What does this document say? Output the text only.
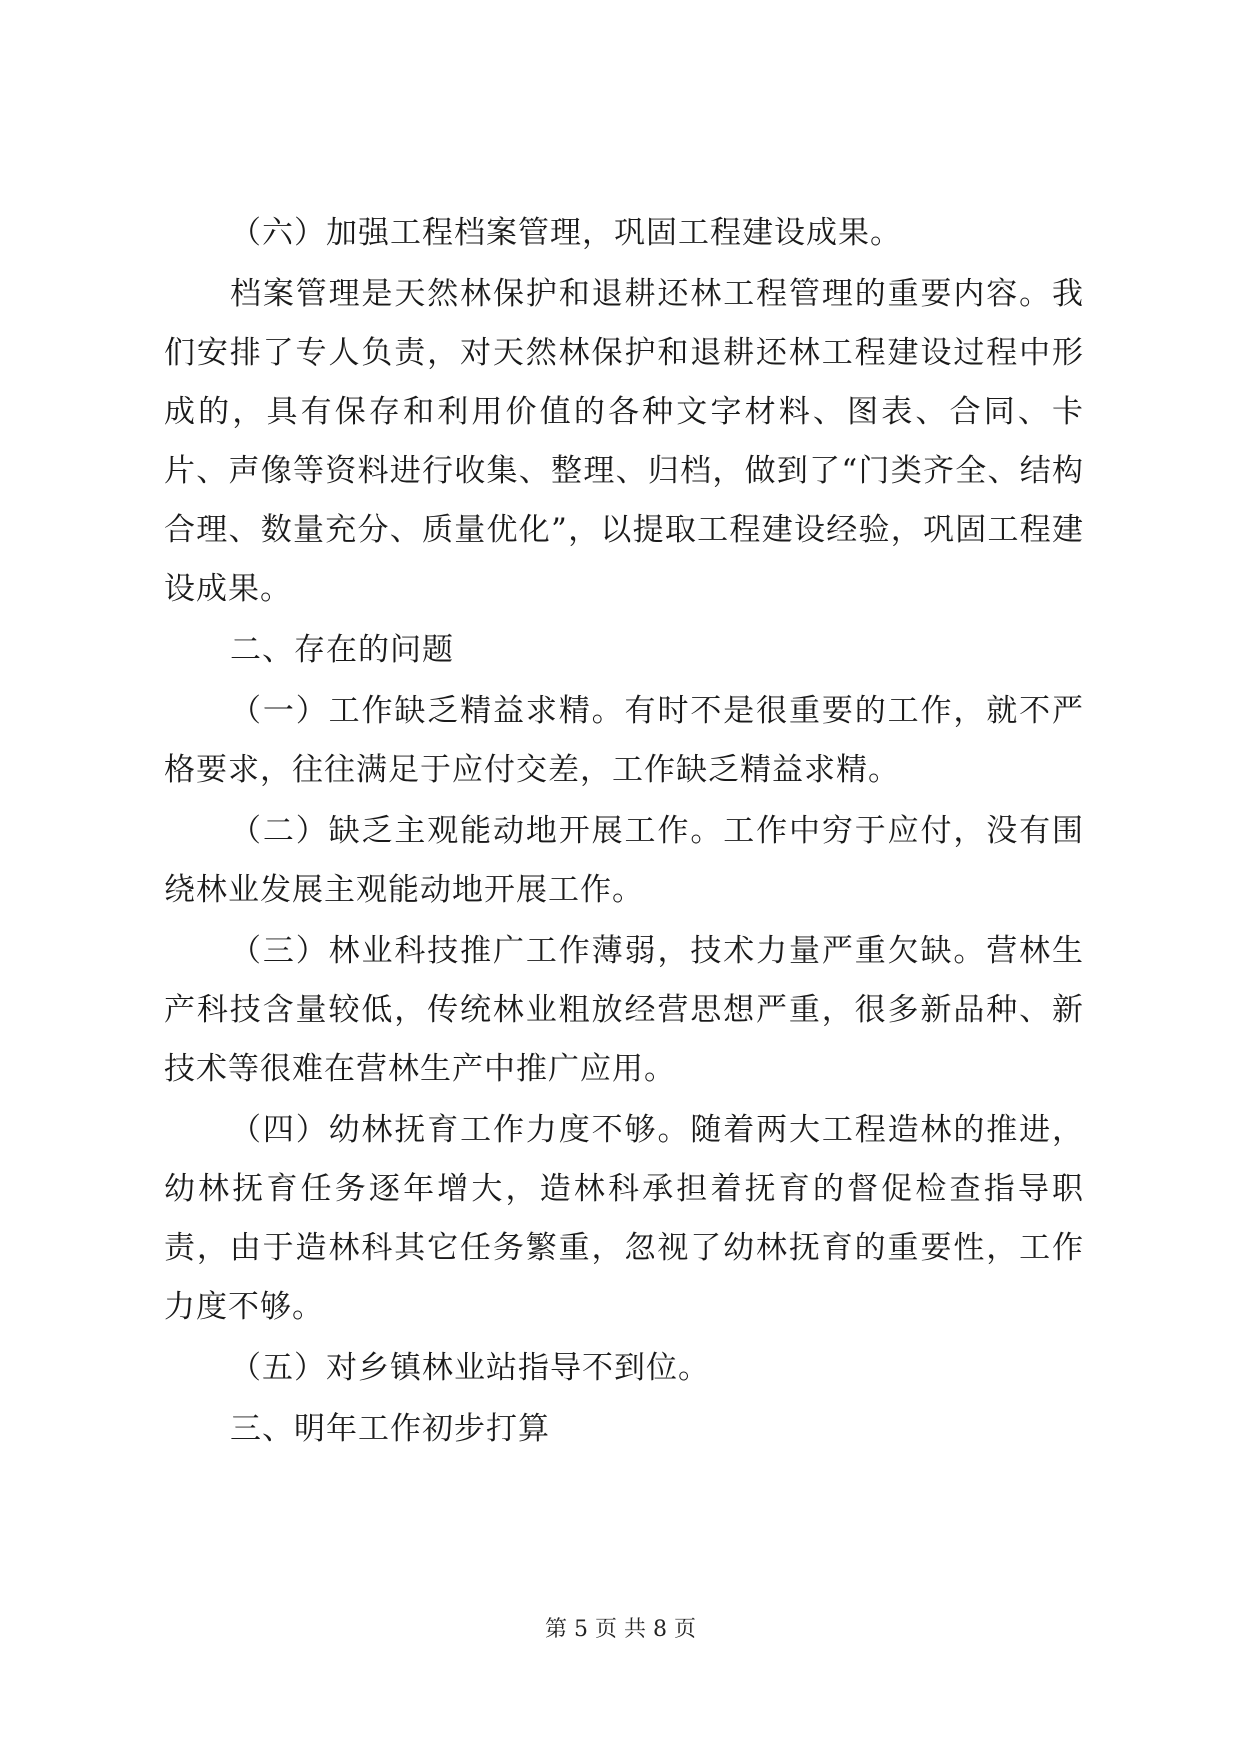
（六）加强工程档案管理，巩固工程建设成果。

档案管理是天然林保护和退耕还林工程管理的重要内容。我们安排了专人负责，对天然林保护和退耕还林工程建设过程中形成的，具有保存和利用价值的各种文字材料、图表、合同、卡片、声像等资料进行收集、整理、归档，做到了“门类齐全、结构合理、数量充分、质量优化”，以提取工程建设经验，巩固工程建设成果。

二、存在的问题

（一）工作缺乏精益求精。有时不是很重要的工作，就不严格要求，往往满足于应付交差，工作缺乏精益求精。

（二）缺乏主观能动地开展工作。工作中穷于应付，没有围绕林业发展主观能动地开展工作。

（三）林业科技推广工作薄弱，技术力量严重欠缺。营林生产科技含量较低，传统林业粗放经营思想严重，很多新品种、新技术等很难在营林生产中推广应用。

（四）幼林抚育工作力度不够。随着两大工程造林的推进，幼林抚育任务逐年增大，造林科承担着抚育的督促检查指导职责，由于造林科其它任务繁重，忽视了幼林抚育的重要性，工作力度不够。

（五）对乡镇林业站指导不到位。

三、明年工作初步打算

第 5 页 共 8 页
